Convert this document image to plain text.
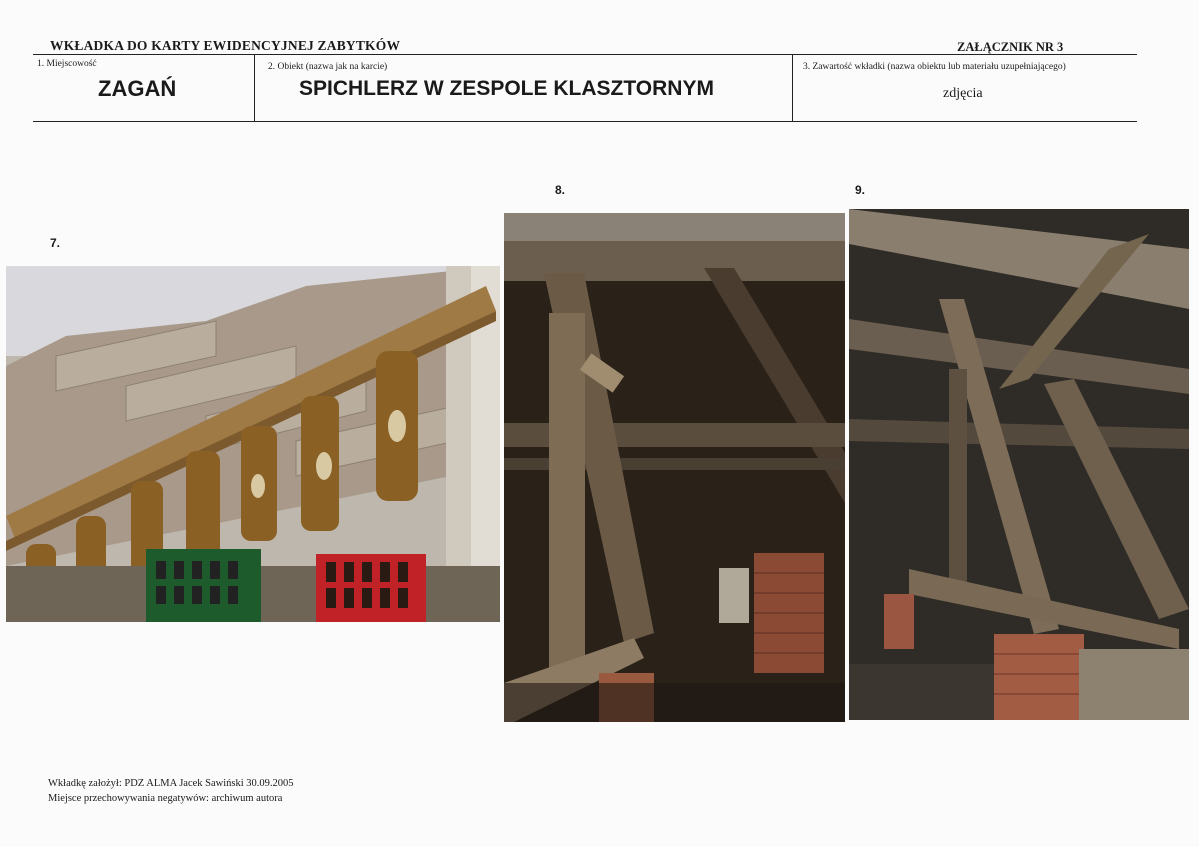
WKŁADKA DO KARTY EWIDENCYJNEJ ZABYTKÓW	ZAŁĄCZNIK NR 3
1. Miejscowość
ZAGAŃ
2. Obiekt (nazwa jak na karcie)
SPICHLERZ W ZESPOLE KLASZTORNYM
3. Zawartość wkładki (nazwa obiektu lub materiału uzupełniającego)
zdjęcia
7.
8.	9.
Wkładkę założył: PDZ ALMA Jacek Sawiński 30.09.2005
Miejsce przechowywania negatywów: archiwum autora
